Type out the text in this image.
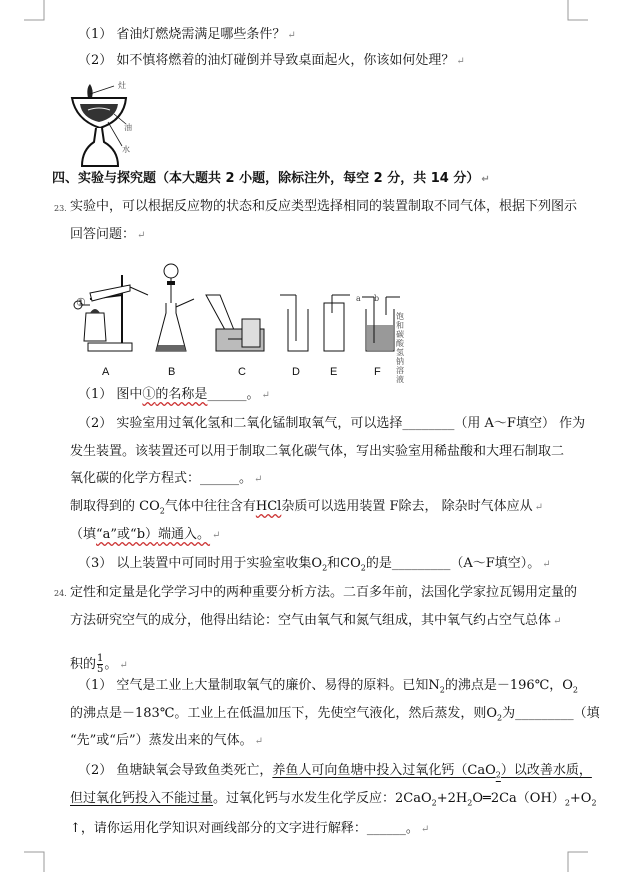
（1） 省油灯燃烧需满足哪些条件？ ↵
（2） 如不慎将燃着的油灯碰倒并导致桌面起火，你该如何处理？ ↵
灶
油
水
四、实验与探究题（本大题共 2 小题，除标注外，每空 2 分，共 14 分） ↵
23. 实验中，可以根据反应物的状态和反应类型选择相同的装置制取不同气体，根据下列图示
回答问题： ↵
①	a b
饱和碳酸氢钠溶液
A	B	C	D	E	F
（1） 图中①的名称是______。 ↵
（2） 实验室用过氧化氢和二氧化锰制取氧气，可以选择________（用 A～F填空） 作为
发生装置。该装置还可以用于制取二氧化碳气体，写出实验室用稀盐酸和大理石制取二
氧化碳的化学方程式：______。 ↵
制取得到的 $CO_2$气体中往往含有HCl杂质可以选用装置 F除去， 除杂时气体应从 ↵
（填“a”或“b）端通入。 ↵
（3） 以上装置中可同时用于实验室收集$O_2$和$CO_2$的是_________（A～F填空）。 ↵
24. 定性和定量是化学学习中的两种重要分析方法。二百多年前，法国化学家拉瓦锡用定量的
方法研究空气的成分，他得出结论：空气由氧气和氮气组成，其中氧气约占空气总体 ↵
积的 $\frac{1}{5}$ 。 ↵
（1） 空气是工业上大量制取氧气的廉价、易得的原料。已知$N_2$的沸点是－196℃，$O_2$
的沸点是－183℃。工业上在低温加压下，先使空气液化，然后蒸发，则$O_2$为_________（填
“先”或“后”）蒸发出来的气体。 ↵
（2） 鱼塘缺氧会导致鱼类死亡，养鱼人可向鱼塘中投入过氧化钙（CaO$_2$）以改善水质，
但过氧化钙投入不能过量。过氧化钙与水发生化学反应：$2CaO_2+2H_2O═2Ca(OH)_2+O_2$
↑，请你运用化学知识对画线部分的文字进行解释：______。 ↵
